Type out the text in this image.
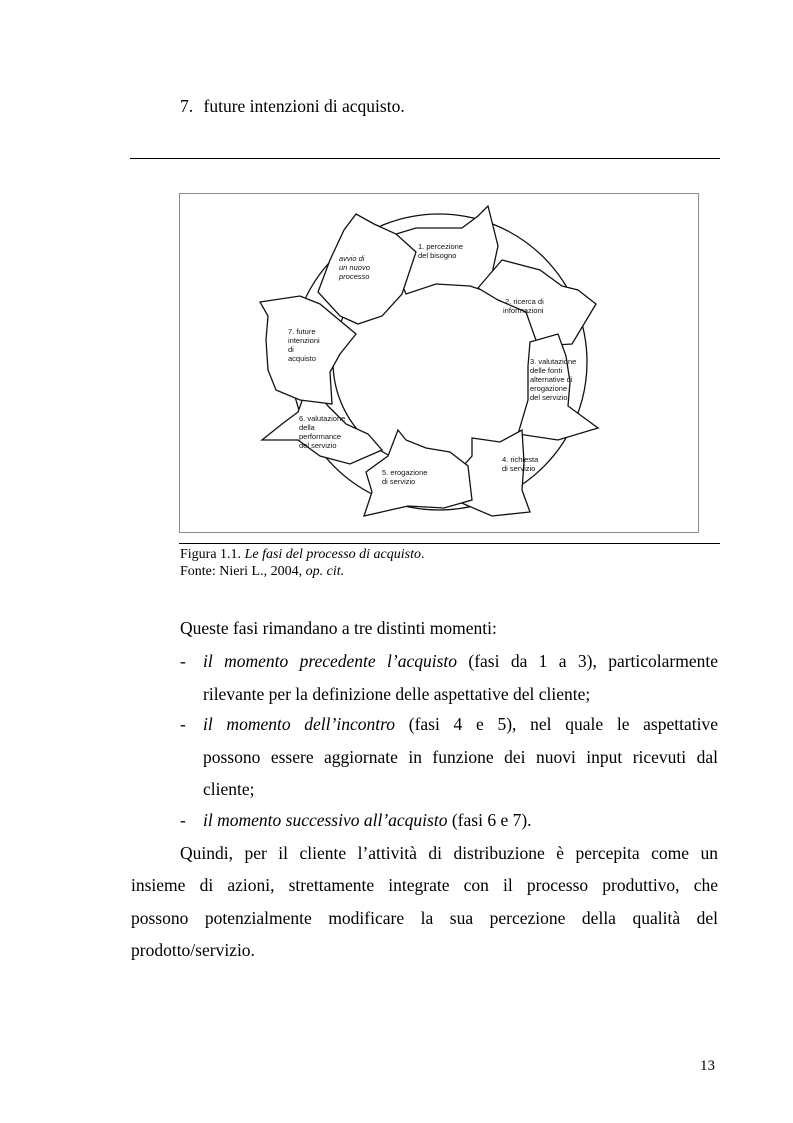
7. future intenzioni di acquisto.
1. percezione del bisogno
2. ricerca di informazioni
3. valutazione delle fonti alternative di erogazione del servizio
4. richiesta di servizio
5. erogazione di servizio
6. valutazione della performance del servizio
7. future intenzioni di acquisto
avvio di un nuovo processo
Figura 1.1. Le fasi del processo di acquisto.
Fonte: Nieri L., 2004, op. cit.
Queste fasi rimandano a tre distinti momenti:
- il momento precedente l’acquisto (fasi da 1 a 3), particolarmente
rilevante per la definizione delle aspettative del cliente;
- il momento dell’incontro (fasi 4 e 5), nel quale le aspettative
possono essere aggiornate in funzione dei nuovi input ricevuti dal
cliente;
- il momento successivo all’acquisto (fasi 6 e 7).
Quindi, per il cliente l’attività di distribuzione è percepita come un
insieme di azioni, strettamente integrate con il processo produttivo, che
possono potenzialmente modificare la sua percezione della qualità del
prodotto/servizio.
13
